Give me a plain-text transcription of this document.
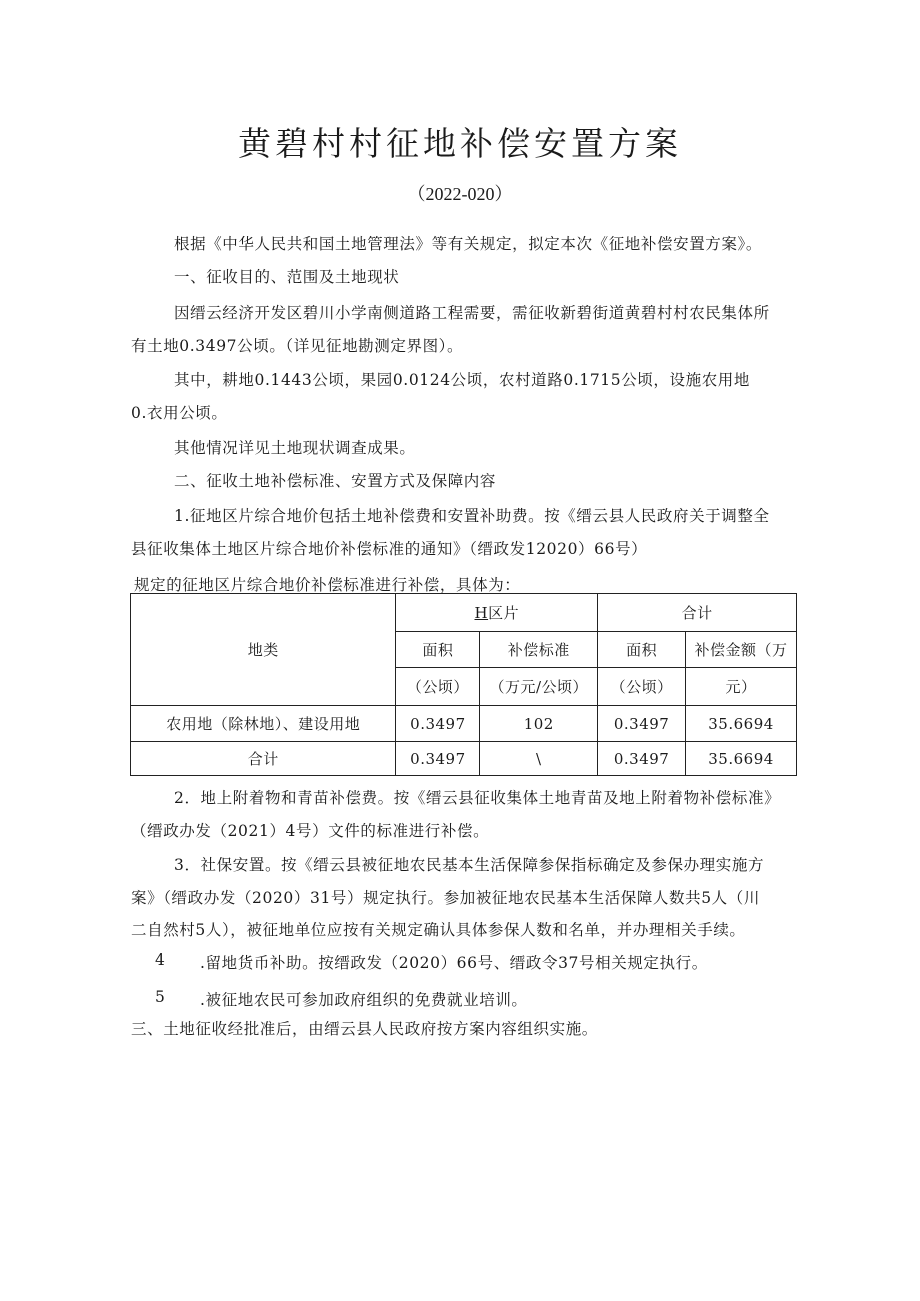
黄碧村村征地补偿安置方案
（2022-020）
根据《中华人民共和国土地管理法》等有关规定，拟定本次《征地补偿安置方案》。
一、征收目的、范围及土地现状
因缙云经济开发区碧川小学南侧道路工程需要，需征收新碧街道黄碧村村农民集体所
有土地0.3497公顷。（详见征地勘测定界图）。
其中，耕地0.1443公顷，果园0.0124公顷，农村道路0.1715公顷，设施农用地
0.衣用公顷。
其他情况详见土地现状调查成果。
二、征收土地补偿标准、安置方式及保障内容
1.征地区片综合地价包括土地补偿费和安置补助费。按《缙云县人民政府关于调整全
县征收集体土地区片综合地价补偿标准的通知》（缙政发12020）66号）
规定的征地区片综合地价补偿标准进行补偿，具体为：
地类	H区片		合计	
	面积	补偿标准	面积	补偿金额（万
	（公顷）	（万元/公顷）	（公顷）	元）
农用地（除林地）、建设用地	0.3497	102	0.3497	35.6694
合计	0.3497	\	0.3497	35.6694
2．地上附着物和青苗补偿费。按《缙云县征收集体土地青苗及地上附着物补偿标准》
（缙政办发（2021）4号）文件的标准进行补偿。
3．社保安置。按《缙云县被征地农民基本生活保障参保指标确定及参保办理实施方
案》（缙政办发（2020）31号）规定执行。参加被征地农民基本生活保障人数共5人（川
二自然村5人），被征地单位应按有关规定确认具体参保人数和名单，并办理相关手续。
4 .留地货币补助。按缙政发（2020）66号、缙政令37号相关规定执行。
5 .被征地农民可参加政府组织的免费就业培训。
三、土地征收经批准后，由缙云县人民政府按方案内容组织实施。
